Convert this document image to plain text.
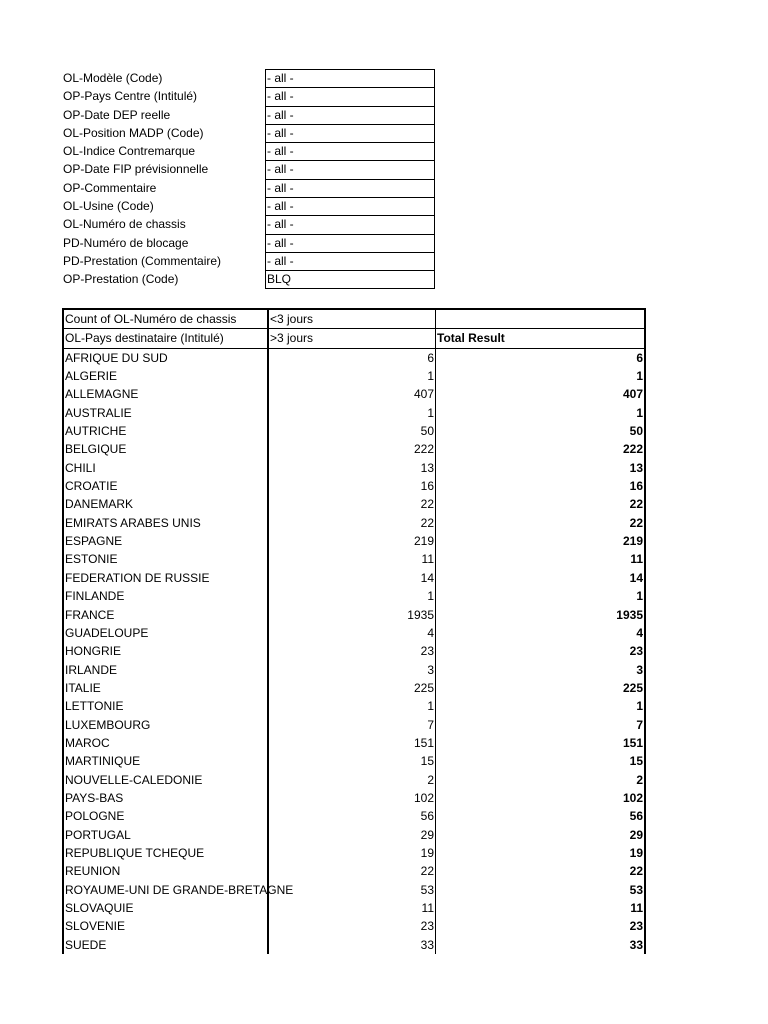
OL-Modèle (Code)	- all -
OP-Pays Centre (Intitulé)	- all -
OP-Date DEP reelle	- all -
OL-Position MADP (Code)	- all -
OL-Indice Contremarque	- all -
OP-Date FIP prévisionnelle	- all -
OP-Commentaire	- all -
OL-Usine (Code)	- all -
OL-Numéro de chassis	- all -
PD-Numéro de blocage	- all -
PD-Prestation (Commentaire)	- all -
OP-Prestation (Code)	BLQ
Count of OL-Numéro de chassis	<3 jours
OL-Pays destinataire (Intitulé)	>3 jours	Total Result
AFRIQUE DU SUD	6	6
ALGERIE	1	1
ALLEMAGNE	407	407
AUSTRALIE	1	1
AUTRICHE	50	50
BELGIQUE	222	222
CHILI	13	13
CROATIE	16	16
DANEMARK	22	22
EMIRATS ARABES UNIS	22	22
ESPAGNE	219	219
ESTONIE	11	11
FEDERATION DE RUSSIE	14	14
FINLANDE	1	1
FRANCE	1935	1935
GUADELOUPE	4	4
HONGRIE	23	23
IRLANDE	3	3
ITALIE	225	225
LETTONIE	1	1
LUXEMBOURG	7	7
MAROC	151	151
MARTINIQUE	15	15
NOUVELLE-CALEDONIE	2	2
PAYS-BAS	102	102
POLOGNE	56	56
PORTUGAL	29	29
REPUBLIQUE TCHEQUE	19	19
REUNION	22	22
ROYAUME-UNI DE GRANDE-BRETAGNE	53	53
SLOVAQUIE	11	11
SLOVENIE	23	23
SUEDE	33	33
